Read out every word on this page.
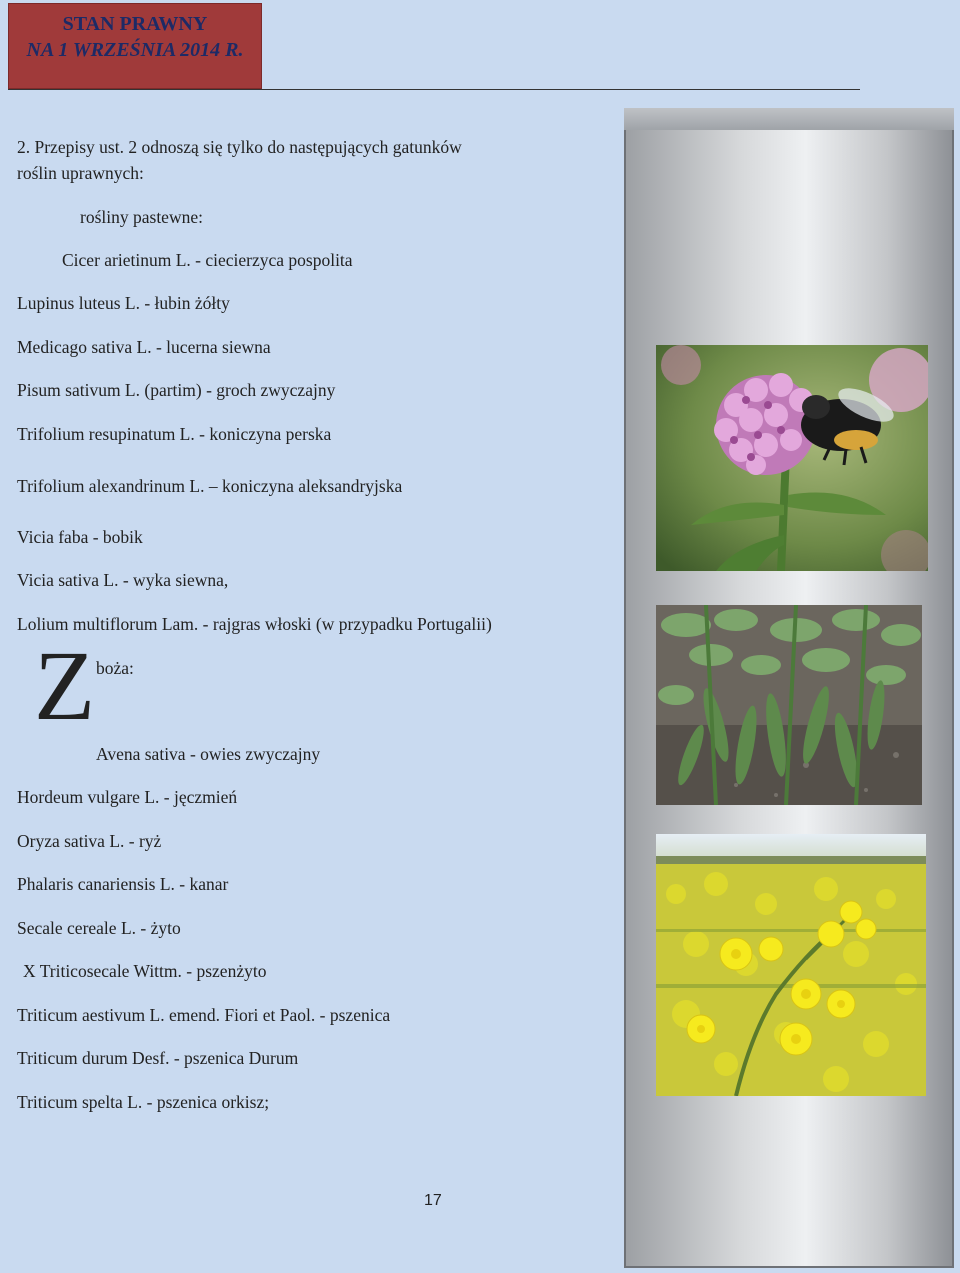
STAN PRAWNY
NA 1 WRZEŚNIA 2014 R.
2. Przepisy ust. 2 odnoszą się tylko do następujących gatunków
roślin uprawnych:
rośliny pastewne:
Cicer arietinum L. - ciecierzyca pospolita
Lupinus luteus L. - łubin żółty
Medicago sativa L. - lucerna siewna
Pisum sativum L. (partim) - groch zwyczajny
Trifolium resupinatum L. - koniczyna perska
Trifolium alexandrinum L. – koniczyna aleksandryjska
Vicia faba - bobik
Vicia sativa L. - wyka siewna,
Lolium multiflorum Lam. - rajgras włoski (w przypadku Portugalii)
Z boża:
Avena sativa - owies zwyczajny
Hordeum vulgare L. - jęczmień
Oryza sativa L. - ryż
Phalaris canariensis L. - kanar
Secale cereale L. - żyto
X Triticosecale Wittm. - pszenżyto
Triticum aestivum L. emend. Fiori et Paol. - pszenica
Triticum durum Desf. - pszenica Durum
Triticum spelta L. - pszenica orkisz;
17
